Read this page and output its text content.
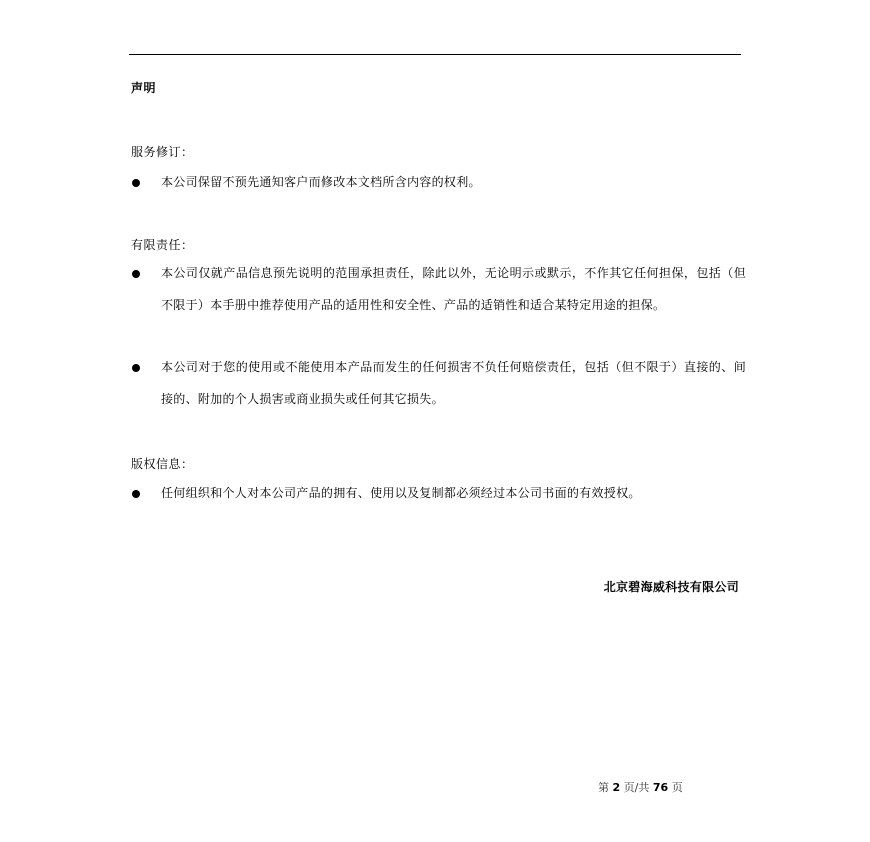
声明
服务修订：
本公司保留不预先通知客户而修改本文档所含内容的权利。
有限责任：
本公司仅就产品信息预先说明的范围承担责任，除此以外，无论明示或默示，不作其它任何担保，包括（但不限于）本手册中推荐使用产品的适用性和安全性、产品的适销性和适合某特定用途的担保。
本公司对于您的使用或不能使用本产品而发生的任何损害不负任何赔偿责任，包括（但不限于）直接的、间接的、附加的个人损害或商业损失或任何其它损失。
版权信息：
任何组织和个人对本公司产品的拥有、使用以及复制都必须经过本公司书面的有效授权。
北京碧海威科技有限公司
第 2 页/共 76 页
